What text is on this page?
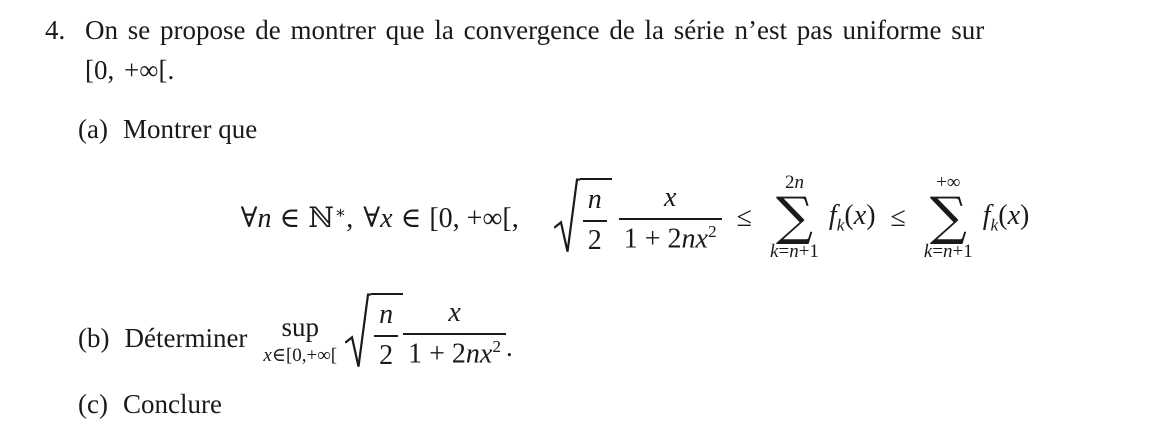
4. On se propose de montrer que la convergence de la série n’est pas uniforme sur

[0, +∞[.

(a) Montrer que
∀n ∈ ℕ∗, ∀x ∈ [0, +∞[, $\frac{n}{2} \frac{x}{1 + 2nx^2}$ ≤
2n
∑
k=n+1
$f_k(x)$ ≤
+∞
∑
k=n+1
$f_k(x)$
(b) Déterminer sup
x∈[0,+∞[ $\frac{n}{2} \frac{x}{1 + 2nx^2}$ .
(c) Conclure
